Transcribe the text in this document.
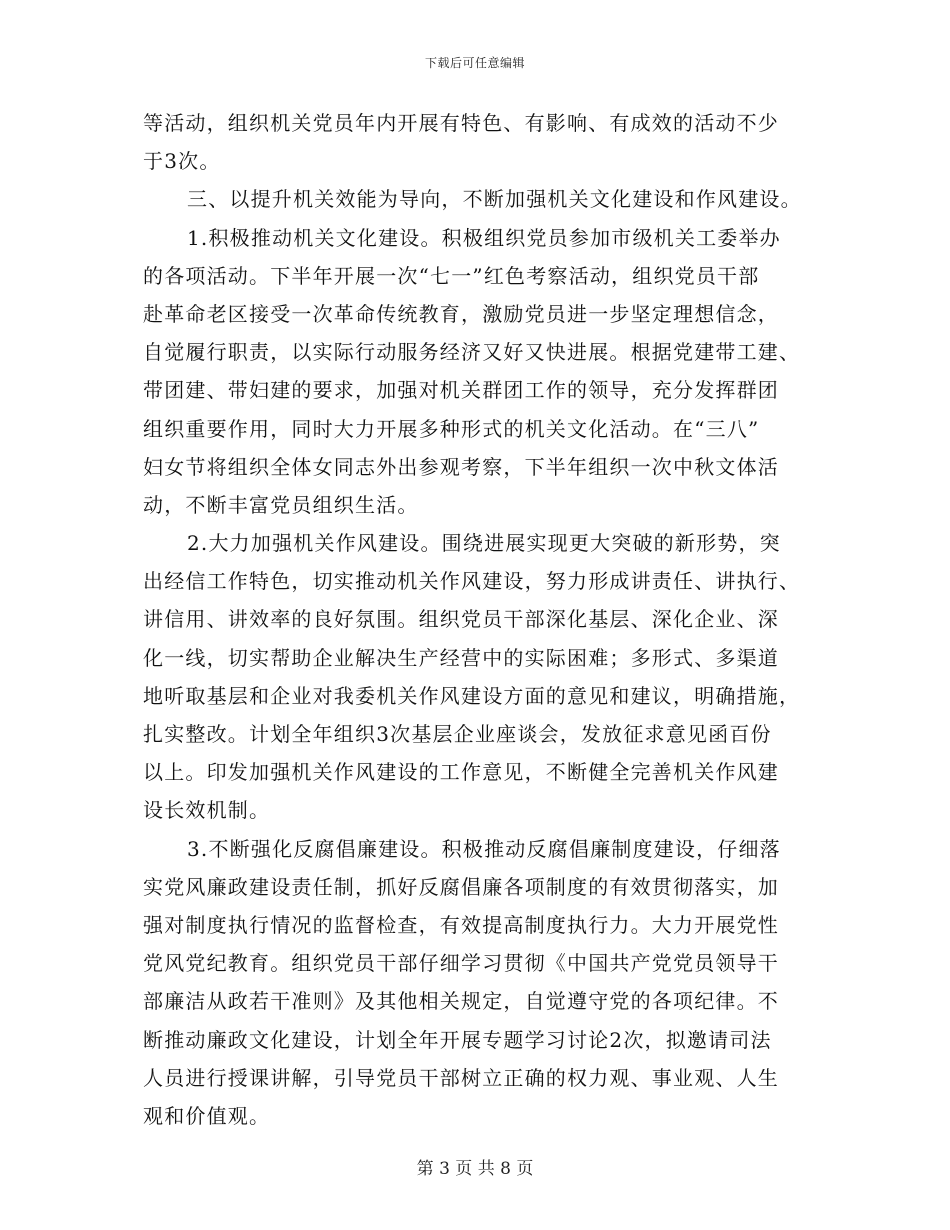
下载后可任意编辑
等活动，组织机关党员年内开展有特色、有影响、有成效的活动不少
于3次。
三、以提升机关效能为导向，不断加强机关文化建设和作风建设。
1.积极推动机关文化建设。积极组织党员参加市级机关工委举办
的各项活动。下半年开展一次“七一”红色考察活动，组织党员干部
赴革命老区接受一次革命传统教育，激励党员进一步坚定理想信念，
自觉履行职责，以实际行动服务经济又好又快进展。根据党建带工建、
带团建、带妇建的要求，加强对机关群团工作的领导，充分发挥群团
组织重要作用，同时大力开展多种形式的机关文化活动。在“三八”
妇女节将组织全体女同志外出参观考察，下半年组织一次中秋文体活
动，不断丰富党员组织生活。
2.大力加强机关作风建设。围绕进展实现更大突破的新形势，突
出经信工作特色，切实推动机关作风建设，努力形成讲责任、讲执行、
讲信用、讲效率的良好氛围。组织党员干部深化基层、深化企业、深
化一线，切实帮助企业解决生产经营中的实际困难；多形式、多渠道
地听取基层和企业对我委机关作风建设方面的意见和建议，明确措施，
扎实整改。计划全年组织3次基层企业座谈会，发放征求意见函百份
以上。印发加强机关作风建设的工作意见，不断健全完善机关作风建
设长效机制。
3.不断强化反腐倡廉建设。积极推动反腐倡廉制度建设，仔细落
实党风廉政建设责任制，抓好反腐倡廉各项制度的有效贯彻落实，加
强对制度执行情况的监督检查，有效提高制度执行力。大力开展党性
党风党纪教育。组织党员干部仔细学习贯彻《中国共产党党员领导干
部廉洁从政若干准则》及其他相关规定，自觉遵守党的各项纪律。不
断推动廉政文化建设，计划全年开展专题学习讨论2次，拟邀请司法
人员进行授课讲解，引导党员干部树立正确的权力观、事业观、人生
观和价值观。
第 3 页 共 8 页
